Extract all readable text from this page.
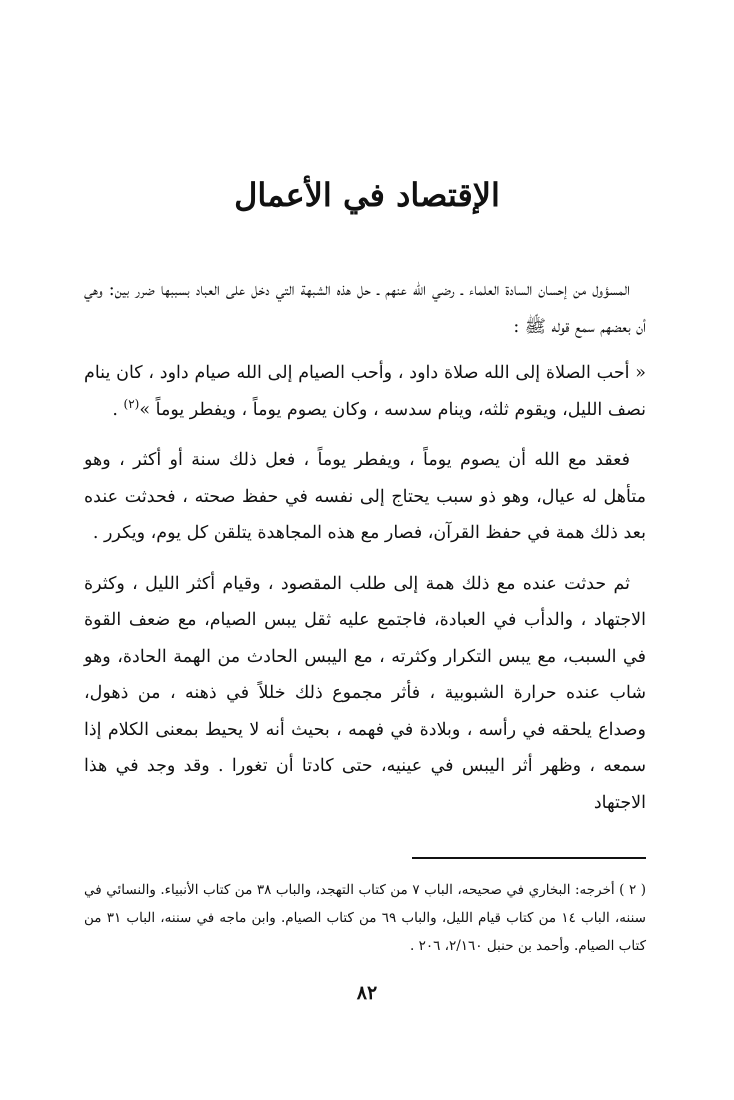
الإقتصاد في الأعمال

المسؤول من إحسان السادة العلماء ـ رضي الله عنهم ـ حل هذه الشبهة التي دخل على العباد بسببها ضرر بين: وهي أن بعضهم سمع قوله ﷺ :

« أحب الصلاة إلى الله صلاة داود ، وأحب الصيام إلى الله صيام داود ، كان ينام نصف الليل، ويقوم ثلثه، وينام سدسه ، وكان يصوم يوماً ، ويفطر يوماً »$^{(٢)}$ .

فعقد مع الله أن يصوم يوماً ، ويفطر يوماً ، فعل ذلك سنة أو أكثر ، وهو متأهل له عيال، وهو ذو سبب يحتاج إلى نفسه في حفظ صحته ، فحدثت عنده بعد ذلك همة في حفظ القرآن، فصار مع هذه المجاهدة يتلقن كل يوم، ويكرر .

ثم حدثت عنده مع ذلك همة إلى طلب المقصود ، وقيام أكثر الليل ، وكثرة الاجتهاد ، والدأب في العبادة، فاجتمع عليه ثقل يبس الصيام، مع ضعف القوة في السبب، مع يبس التكرار وكثرته ، مع اليبس الحادث من الهمة الحادة، وهو شاب عنده حرارة الشبوبية ، فأثر مجموع ذلك خللاً في ذهنه ، من ذهول، وصداع يلحقه في رأسه ، وبلادة في فهمه ، بحيث أنه لا يحيط بمعنى الكلام إذا سمعه ، وظهر أثر اليبس في عينيه، حتى كادتا أن تغورا . وقد وجد في هذا الاجتهاد

( ٢ ) أخرجه: البخاري في صحيحه، الباب ٧ من كتاب التهجد، والباب ٣٨ من كتاب الأنبياء. والنسائي في سننه، الباب ١٤ من كتاب قيام الليل، والباب ٦٩ من كتاب الصيام. وابن ماجه في سننه، الباب ٣١ من كتاب الصيام. وأحمد بن حنبل ٢/١٦٠، ٢٠٦ .

٨٢
